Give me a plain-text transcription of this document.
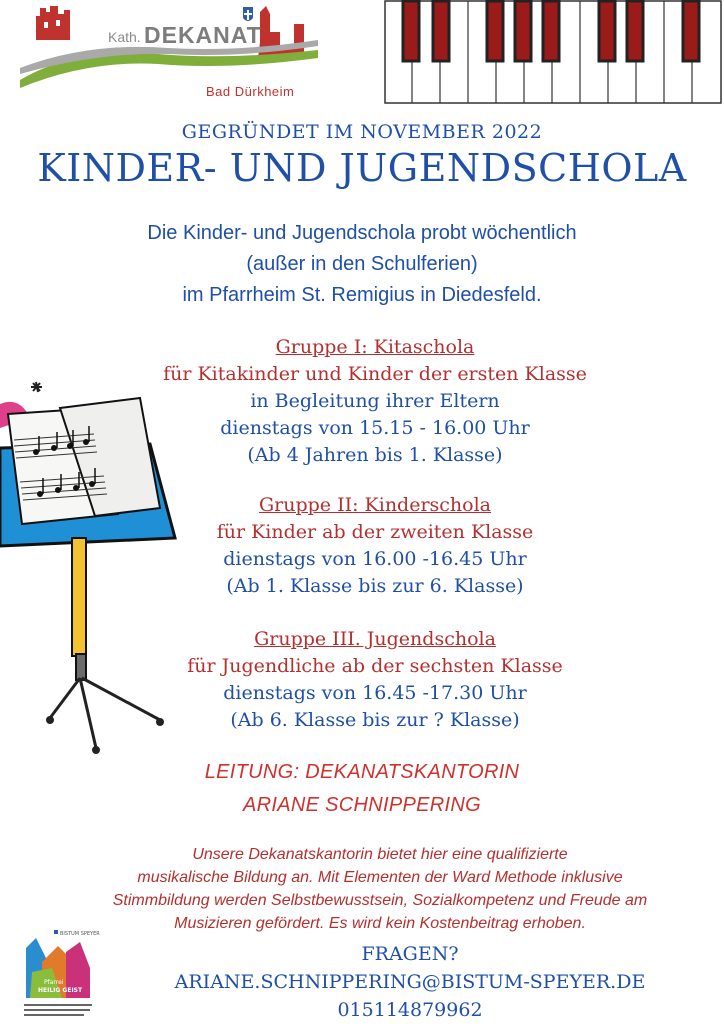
Kath. DEKANAT
Bad Dürkheim
GEGRÜNDET IM NOVEMBER 2022
KINDER- UND JUGENDSCHOLA
Die Kinder- und Jugendschola probt wöchentlich
(außer in den Schulferien)
im Pfarrheim St. Remigius in Diedesfeld.
Gruppe I: Kitaschola
für Kitakinder und Kinder der ersten Klasse
in Begleitung ihrer Eltern
dienstags von 15.15 - 16.00 Uhr
(Ab 4 Jahren bis 1. Klasse)
Gruppe II: Kinderschola
für Kinder ab der zweiten Klasse
dienstags von 16.00 -16.45 Uhr
(Ab 1. Klasse bis zur 6. Klasse)
Gruppe III. Jugendschola
für Jugendliche ab der sechsten Klasse
dienstags von 16.45 -17.30 Uhr
(Ab 6. Klasse bis zur ? Klasse)
LEITUNG: DEKANATSKANTORIN
ARIANE SCHNIPPERING
Unsere Dekanatskantorin bietet hier eine qualifizierte
musikalische Bildung an. Mit Elementen der Ward Methode inklusive
Stimmbildung werden Selbstbewusstsein, Sozialkompetenz und Freude am
Musizieren gefördert. Es wird kein Kostenbeitrag erhoben.
BISTUM SPEYER
Pfarrei
HEILIG GEIST
FRAGEN?
ARIANE.SCHNIPPERING@BISTUM-SPEYER.DE
015114879962
